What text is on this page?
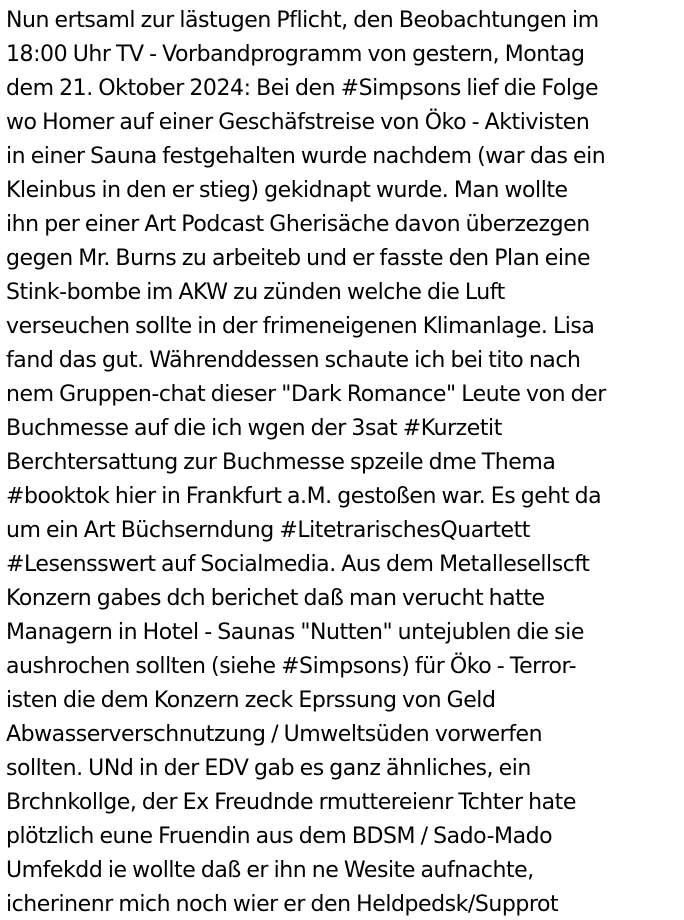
Nun ertsaml zur lästugen Pflicht, den Beobachtungen im
18:00 Uhr TV - Vorbandprogramm von gestern, Montag
dem 21. Oktober 2024: Bei den #Simpsons lief die Folge
wo Homer auf einer Geschäfstreise von Öko - Aktivisten
in einer Sauna festgehalten wurde nachdem (war das ein
Kleinbus in den er stieg) gekidnapt wurde. Man wollte
ihn per einer Art Podcast Gherisäche davon überzezgen
gegen Mr. Burns zu arbeiteb und er fasste den Plan eine
Stink-bombe im AKW zu zünden welche die Luft
verseuchen sollte in der frimeneigenen Klimanlage. Lisa
fand das gut. Währenddessen schaute ich bei tito nach
nem Gruppen-chat dieser "Dark Romance" Leute von der
Buchmesse auf die ich wgen der 3sat #Kurzetit
Berchtersattung zur Buchmesse spzeile dme Thema
#booktok hier in Frankfurt a.M. gestoßen war. Es geht da
um ein Art Büchserndung #LitetrarischesQuartett
#Lesensswert auf Socialmedia. Aus dem Metallesellscft
Konzern gabes dch berichet daß man verucht hatte
Managern in Hotel - Saunas "Nutten" untejublen die sie
aushrochen sollten (siehe #Simpsons) für Öko - Terror-
isten die dem Konzern zeck Eprssung von Geld
Abwasserverschnutzung / Umweltsüden vorwerfen
sollten. UNd in der EDV gab es ganz ähnliches, ein
Brchnkollge, der Ex Freudnde rmuttereienr Tchter hate
plötzlich eune Fruendin aus dem BDSM / Sado-Mado
Umfekdd ie wollte daß er ihn ne Wesite aufnachte,
icherinenr mich noch wier er den Heldpedsk/Supprot
